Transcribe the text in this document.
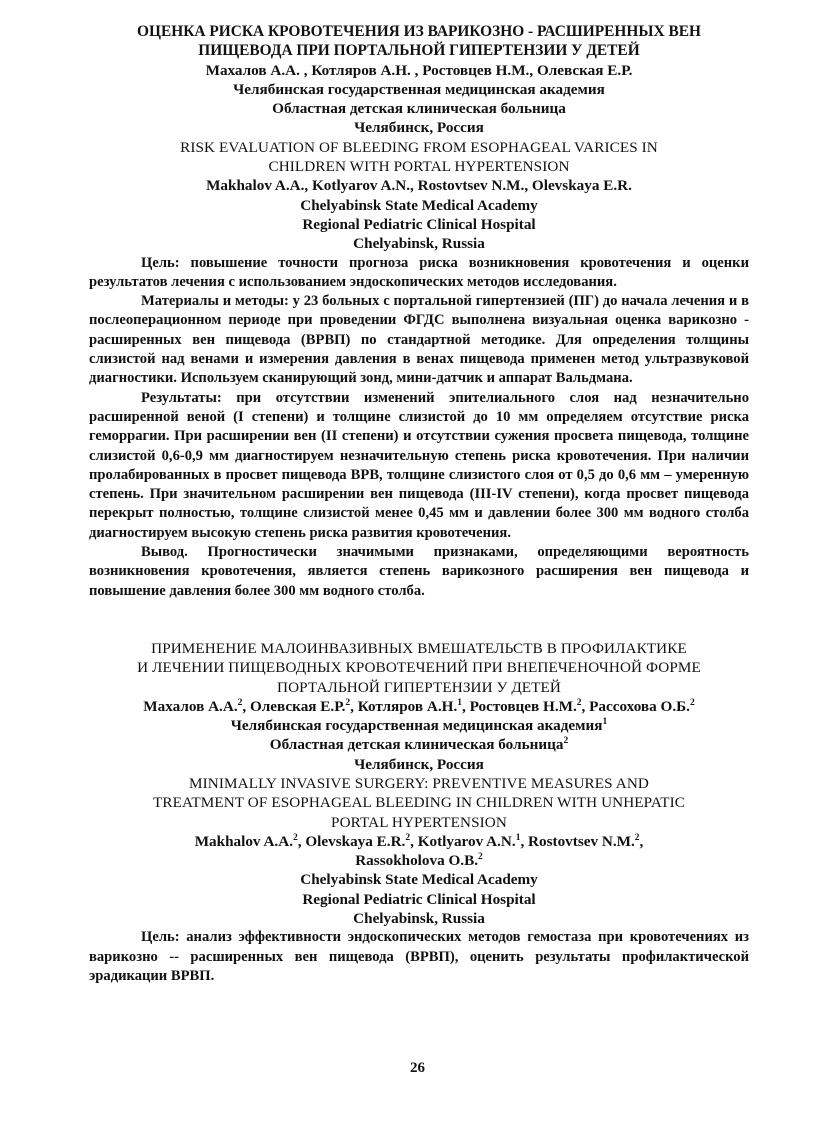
ОЦЕНКА РИСКА КРОВОТЕЧЕНИЯ ИЗ ВАРИКОЗНО - РАСШИРЕННЫХ ВЕН
ПИЩЕВОДА ПРИ ПОРТАЛЬНОЙ ГИПЕРТЕНЗИИ У ДЕТЕЙ
Махалов А.А. , Котляров А.Н. , Ростовцев Н.М., Олевская Е.Р.
Челябинская государственная медицинская академия
Областная детская клиническая больница
Челябинск, Россия
RISK EVALUATION OF BLEEDING FROM ESOPHAGEAL VARICES IN
CHILDREN WITH PORTAL HYPERTENSION
Makhalov A.A., Kotlyarov A.N., Rostovtsev N.M., Olevskaya E.R.
Chelyabinsk State Medical Academy
Regional Pediatric Clinical Hospital
Chelyabinsk, Russia

Цель: повышение точности прогноза риска возникновения кровотечения и оценки результатов лечения с использованием эндоскопических методов исследования.

Материалы и методы: у 23 больных с портальной гипертензией (ПГ) до начала лечения и в послеоперационном периоде при проведении ФГДС выполнена визуальная оценка варикозно - расширенных вен пищевода (ВРВП) по стандартной методике. Для определения толщины слизистой над венами и измерения давления в венах пищевода применен метод ультразвуковой диагностики. Используем сканирующий зонд, мини-датчик и аппарат Вальдмана.

Результаты: при отсутствии изменений эпителиального слоя над незначительно расширенной веной (I степени) и толщине слизистой до 10 мм определяем отсутствие риска геморрагии. При расширении вен (II степени) и отсутствии сужения просвета пищевода, толщине слизистой 0,6-0,9 мм диагностируем незначительную степень риска кровотечения. При наличии пролабированных в просвет пищевода ВРВ, толщине слизистого слоя от 0,5 до 0,6 мм – умеренную степень. При значительном расширении вен пищевода (III-IV степени), когда просвет пищевода перекрыт полностью, толщине слизистой менее 0,45 мм и давлении более 300 мм водного столба диагностируем высокую степень риска развития кровотечения.

Вывод. Прогностически значимыми признаками, определяющими вероятность возникновения кровотечения, является степень варикозного расширения вен пищевода и повышение давления более 300 мм водного столба.

ПРИМЕНЕНИЕ МАЛОИНВАЗИВНЫХ ВМЕШАТЕЛЬСТВ В ПРОФИЛАКТИКЕ
И ЛЕЧЕНИИ ПИЩЕВОДНЫХ КРОВОТЕЧЕНИЙ ПРИ ВНЕПЕЧЕНОЧНОЙ ФОРМЕ
ПОРТАЛЬНОЙ ГИПЕРТЕНЗИИ У ДЕТЕЙ
Махалов А.А.$^2$, Олевская Е.Р.$^2$, Котляров А.Н.$^1$, Ростовцев Н.М.$^2$, Рассохова О.Б.$^2$
Челябинская государственная медицинская академия$^1$
Областная детская клиническая больница$^2$
Челябинск, Россия
MINIMALLY INVASIVE SURGERY: PREVENTIVE MEASURES AND
TREATMENT OF ESOPHAGEAL BLEEDING IN CHILDREN WITH UNHEPATIC
PORTAL HYPERTENSION
Makhalov A.A.$^2$, Olevskaya E.R.$^2$, Kotlyarov A.N.$^1$, Rostovtsev N.M.$^2$,
Rassokholova O.B.$^2$
Chelyabinsk State Medical Academy
Regional Pediatric Clinical Hospital
Chelyabinsk, Russia

Цель: анализ эффективности эндоскопических методов гемостаза при кровотечениях из варикозно -- расширенных вен пищевода (ВРВП), оценить результаты профилактической эрадикации ВРВП.

26
